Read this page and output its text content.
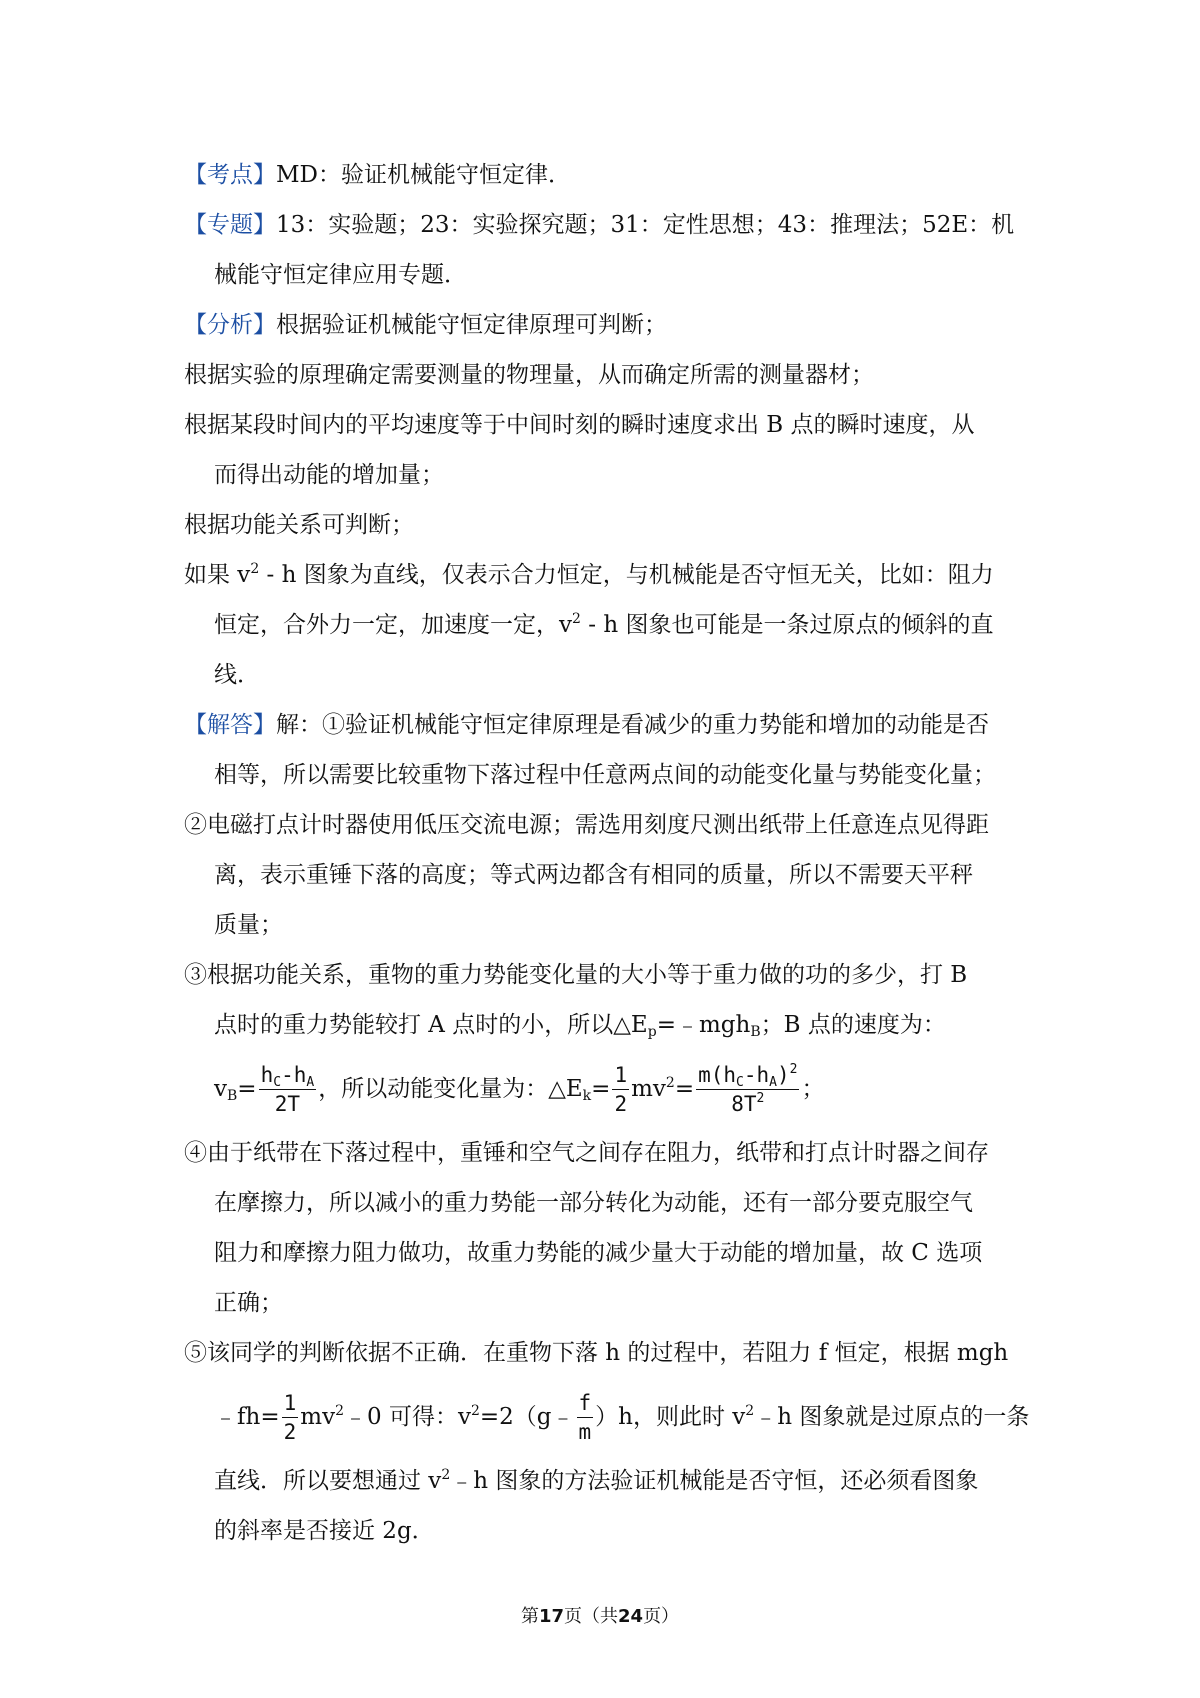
【考点】MD：验证机械能守恒定律．

【专题】13：实验题；23：实验探究题；31：定性思想；43：推理法；52E：机
械能守恒定律应用专题．

【分析】根据验证机械能守恒定律原理可判断；
根据实验的原理确定需要测量的物理量，从而确定所需的测量器材；
根据某段时间内的平均速度等于中间时刻的瞬时速度求出 B 点的瞬时速度，从
而得出动能的增加量；
根据功能关系可判断；
如果 $v^2$ ‐ h 图象为直线，仅表示合力恒定，与机械能是否守恒无关，比如：阻力
恒定，合外力一定，加速度一定，$v^2$ ‐ h 图象也可能是一条过原点的倾斜的直
线．

【解答】解：①验证机械能守恒定律原理是看减少的重力势能和增加的动能是否
相等，所以需要比较重物下落过程中任意两点间的动能变化量与势能变化量；
②电磁打点计时器使用低压交流电源；需选用刻度尺测出纸带上任意连点见得距
离，表示重锤下落的高度；等式两边都含有相同的质量，所以不需要天平秤
质量；
③根据功能关系，重物的重力势能变化量的大小等于重力做的功的多少，打 B
点时的重力势能较打 A 点时的小，所以$\triangle E_p=﹣mgh_B$；B 点的速度为：
$v_B= \frac{h_C-h_A}{2T}$ ，所以动能变化量为：$\triangle E_k= \frac{1}{2} mv^2= \frac{m(h_C-h_A)^2}{8T^2}$ ；
④由于纸带在下落过程中，重锤和空气之间存在阻力，纸带和打点计时器之间存
在摩擦力，所以减小的重力势能一部分转化为动能，还有一部分要克服空气
阻力和摩擦力阻力做功，故重力势能的减少量大于动能的增加量，故 C 选项
正确；
⑤该同学的判断依据不正确．在重物下落 h 的过程中，若阻力 f 恒定，根据 mgh
﹣fh= $\frac{1}{2}$ $mv^2﹣0$ 可得：$v^2=2(g﹣ \frac{f}{m} )h$，则此时 $v^2﹣h$ 图象就是过原点的一条
直线．所以要想通过 $v^2﹣h$ 图象的方法验证机械能是否守恒，还必须看图象
的斜率是否接近 2g．

第17页（共24页）
